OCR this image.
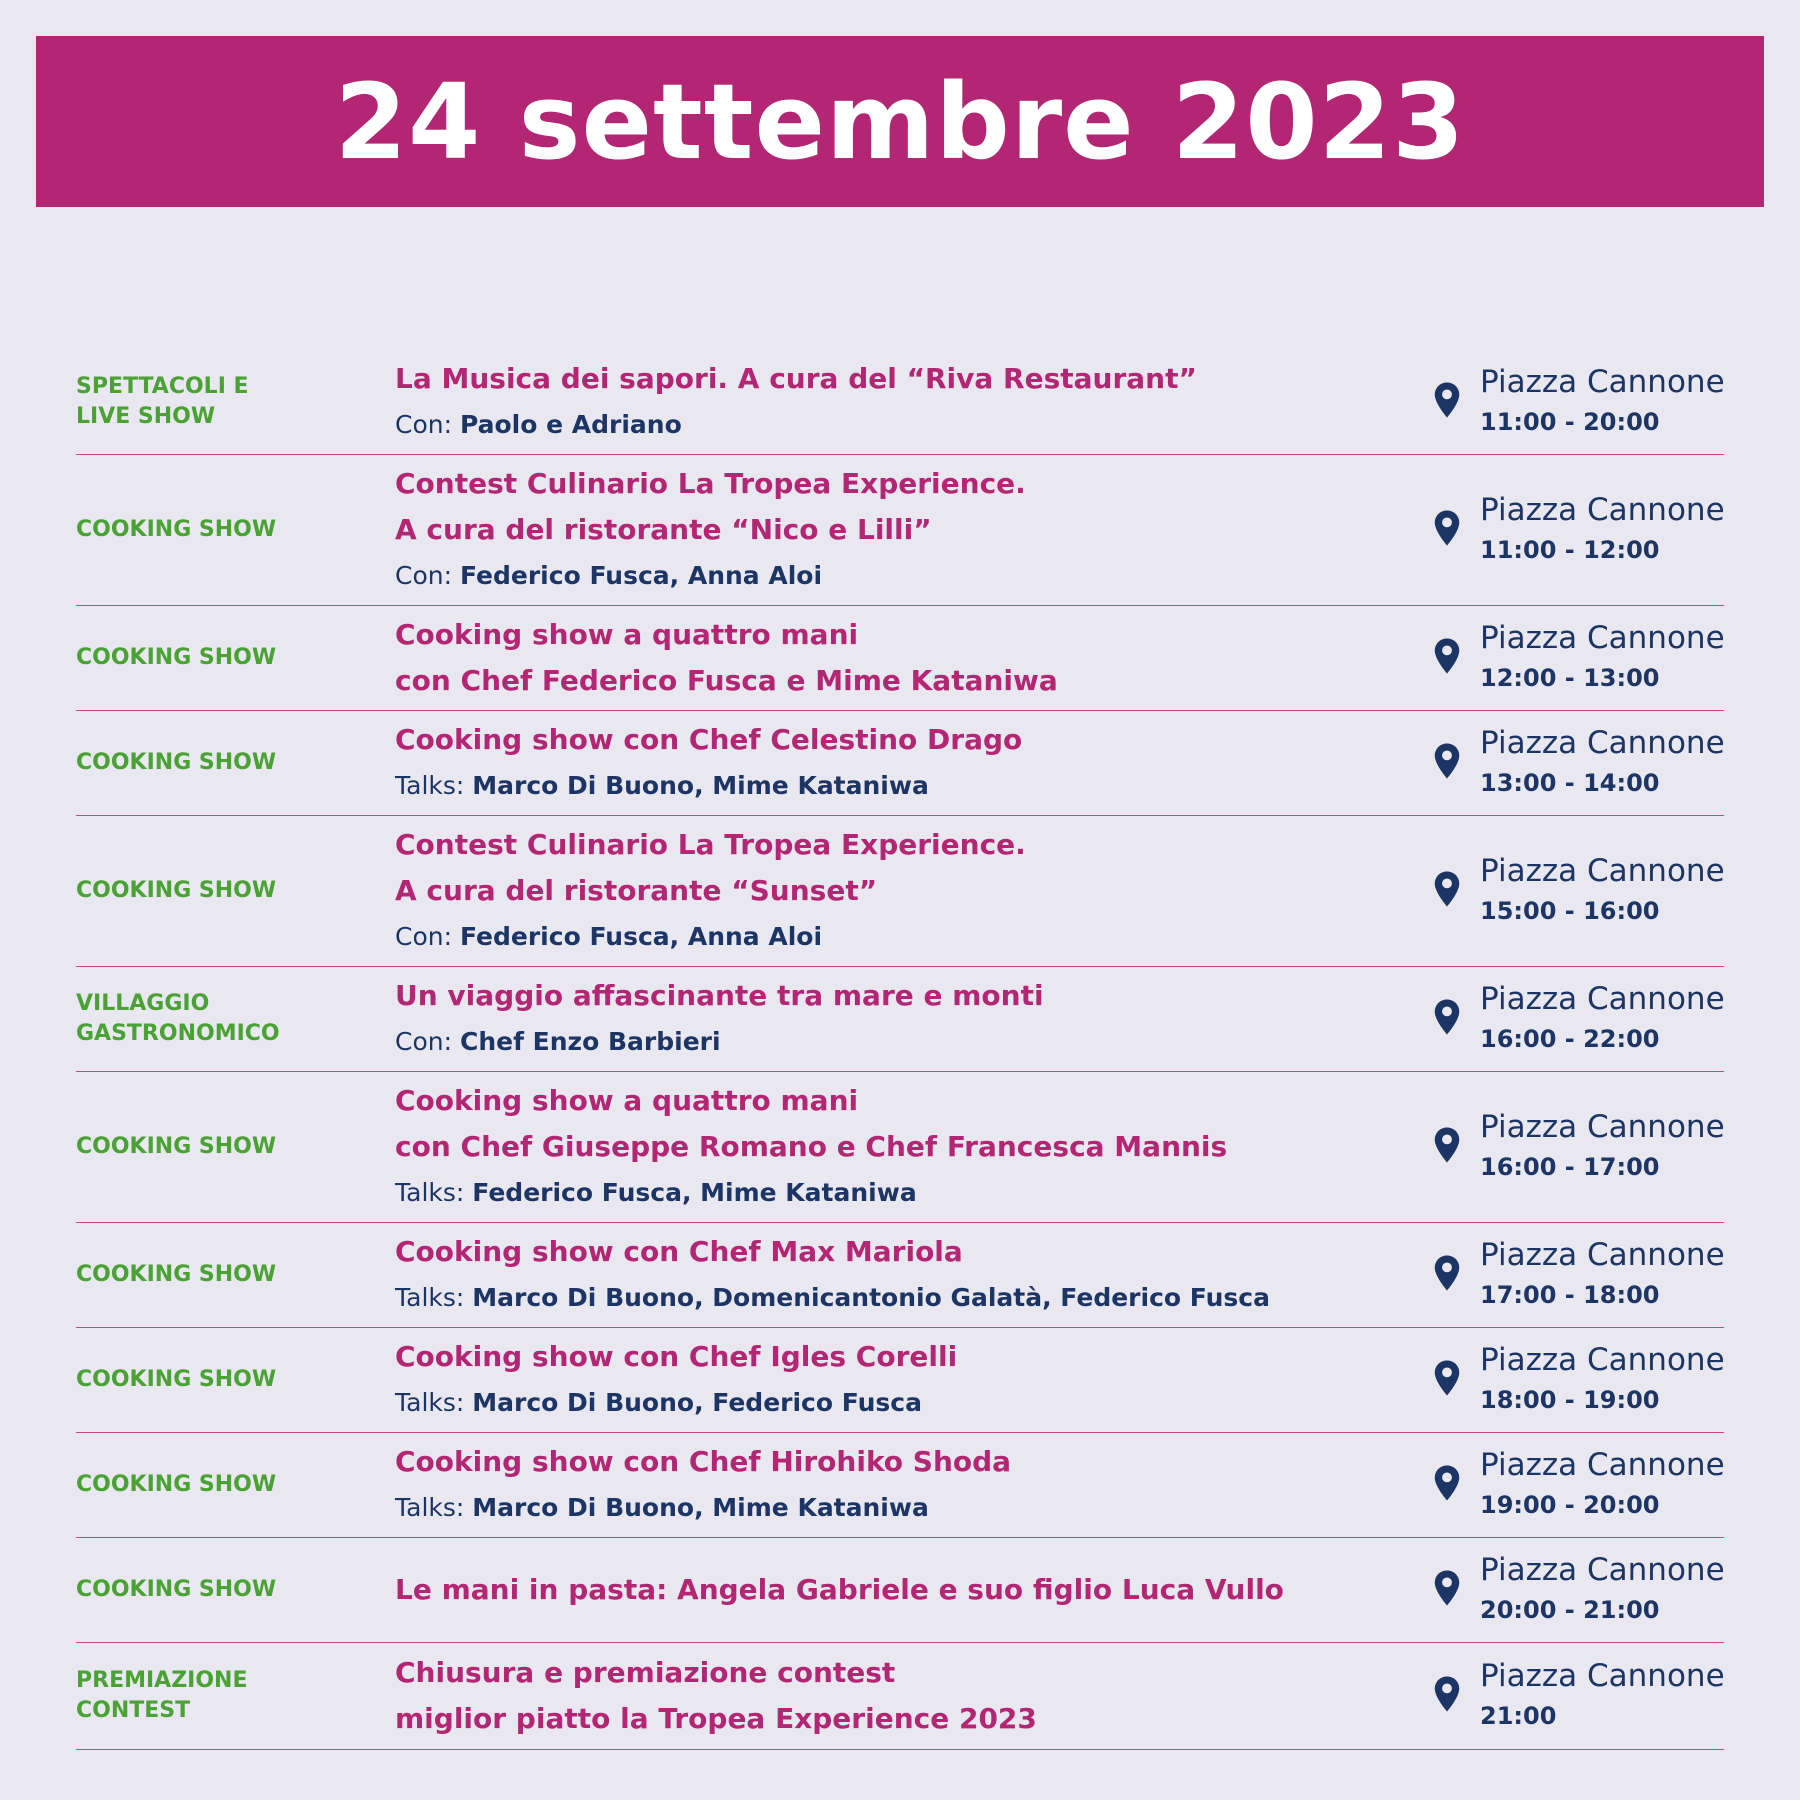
24 settembre 2023
SPETTACOLI E
LIVE SHOW
La Musica dei sapori. A cura del “Riva Restaurant”
Con: Paolo e Adriano
Piazza Cannone
11:00 - 20:00
COOKING SHOW
Contest Culinario La Tropea Experience.
A cura del ristorante “Nico e Lilli”
Con: Federico Fusca, Anna Aloi
Piazza Cannone
11:00 - 12:00
COOKING SHOW
Cooking show a quattro mani
con Chef Federico Fusca e Mime Kataniwa
Piazza Cannone
12:00 - 13:00
COOKING SHOW
Cooking show con Chef Celestino Drago
Talks: Marco Di Buono, Mime Kataniwa
Piazza Cannone
13:00 - 14:00
COOKING SHOW
Contest Culinario La Tropea Experience.
A cura del ristorante “Sunset”
Con: Federico Fusca, Anna Aloi
Piazza Cannone
15:00 - 16:00
VILLAGGIO
GASTRONOMICO
Un viaggio affascinante tra mare e monti
Con: Chef Enzo Barbieri
Piazza Cannone
16:00 - 22:00
COOKING SHOW
Cooking show a quattro mani
con Chef Giuseppe Romano e Chef Francesca Mannis
Talks: Federico Fusca, Mime Kataniwa
Piazza Cannone
16:00 - 17:00
COOKING SHOW
Cooking show con Chef Max Mariola
Talks: Marco Di Buono, Domenicantonio Galatà, Federico Fusca
Piazza Cannone
17:00 - 18:00
COOKING SHOW
Cooking show con Chef Igles Corelli
Talks: Marco Di Buono, Federico Fusca
Piazza Cannone
18:00 - 19:00
COOKING SHOW
Cooking show con Chef Hirohiko Shoda
Talks: Marco Di Buono, Mime Kataniwa
Piazza Cannone
19:00 - 20:00
COOKING SHOW	Le mani in pasta: Angela Gabriele e suo figlio Luca Vullo
Piazza Cannone
20:00 - 21:00
PREMIAZIONE
CONTEST
Chiusura e premiazione contest
miglior piatto la Tropea Experience 2023
Piazza Cannone
21:00
